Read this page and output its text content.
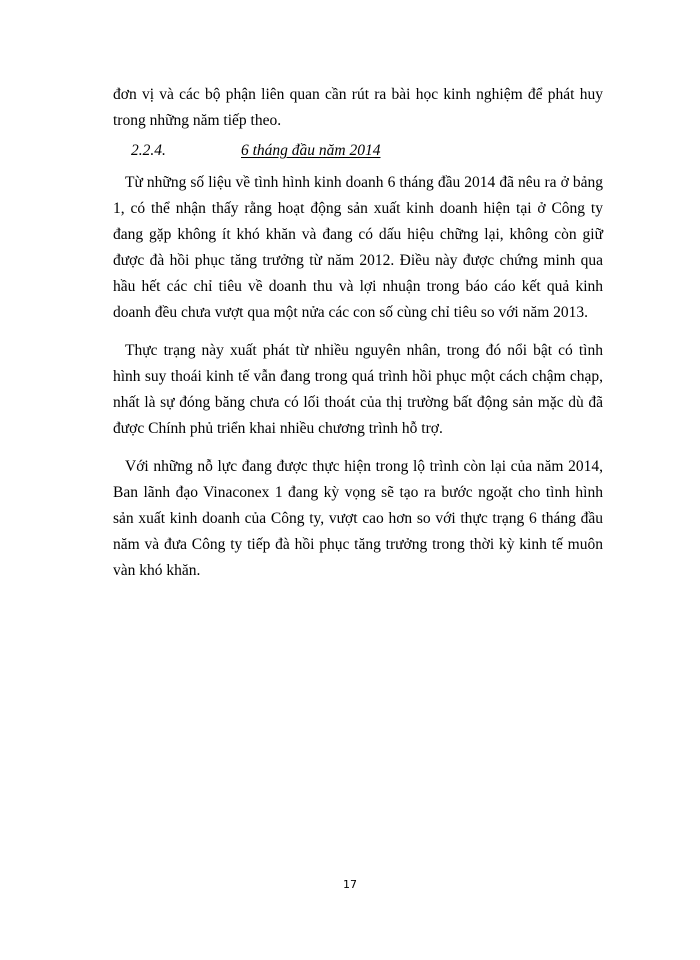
đơn vị và các bộ phận liên quan cần rút ra bài học kinh nghiệm để phát huy trong những năm tiếp theo.

2.2.4.	6 tháng đầu năm 2014

Từ những số liệu về tình hình kinh doanh 6 tháng đầu 2014 đã nêu ra ở bảng 1, có thể nhận thấy rằng hoạt động sản xuất kinh doanh hiện tại ở Công ty đang gặp không ít khó khăn và đang có dấu hiệu chững lại, không còn giữ được đà hồi phục tăng trưởng từ năm 2012. Điều này được chứng minh qua hầu hết các chỉ tiêu về doanh thu và lợi nhuận trong báo cáo kết quả kinh doanh đều chưa vượt qua một nửa các con số cùng chỉ tiêu so với năm 2013.

Thực trạng này xuất phát từ nhiều nguyên nhân, trong đó nổi bật có tình hình suy thoái kinh tế vẫn đang trong quá trình hồi phục một cách chậm chạp, nhất là sự đóng băng chưa có lối thoát của thị trường bất động sản mặc dù đã được Chính phủ triển khai nhiều chương trình hỗ trợ.

Với những nỗ lực đang được thực hiện trong lộ trình còn lại của năm 2014, Ban lãnh đạo Vinaconex 1 đang kỳ vọng sẽ tạo ra bước ngoặt cho tình hình sản xuất kinh doanh của Công ty, vượt cao hơn so với thực trạng 6 tháng đầu năm và đưa Công ty tiếp đà hồi phục tăng trưởng trong thời kỳ kinh tế muôn vàn khó khăn.

17
